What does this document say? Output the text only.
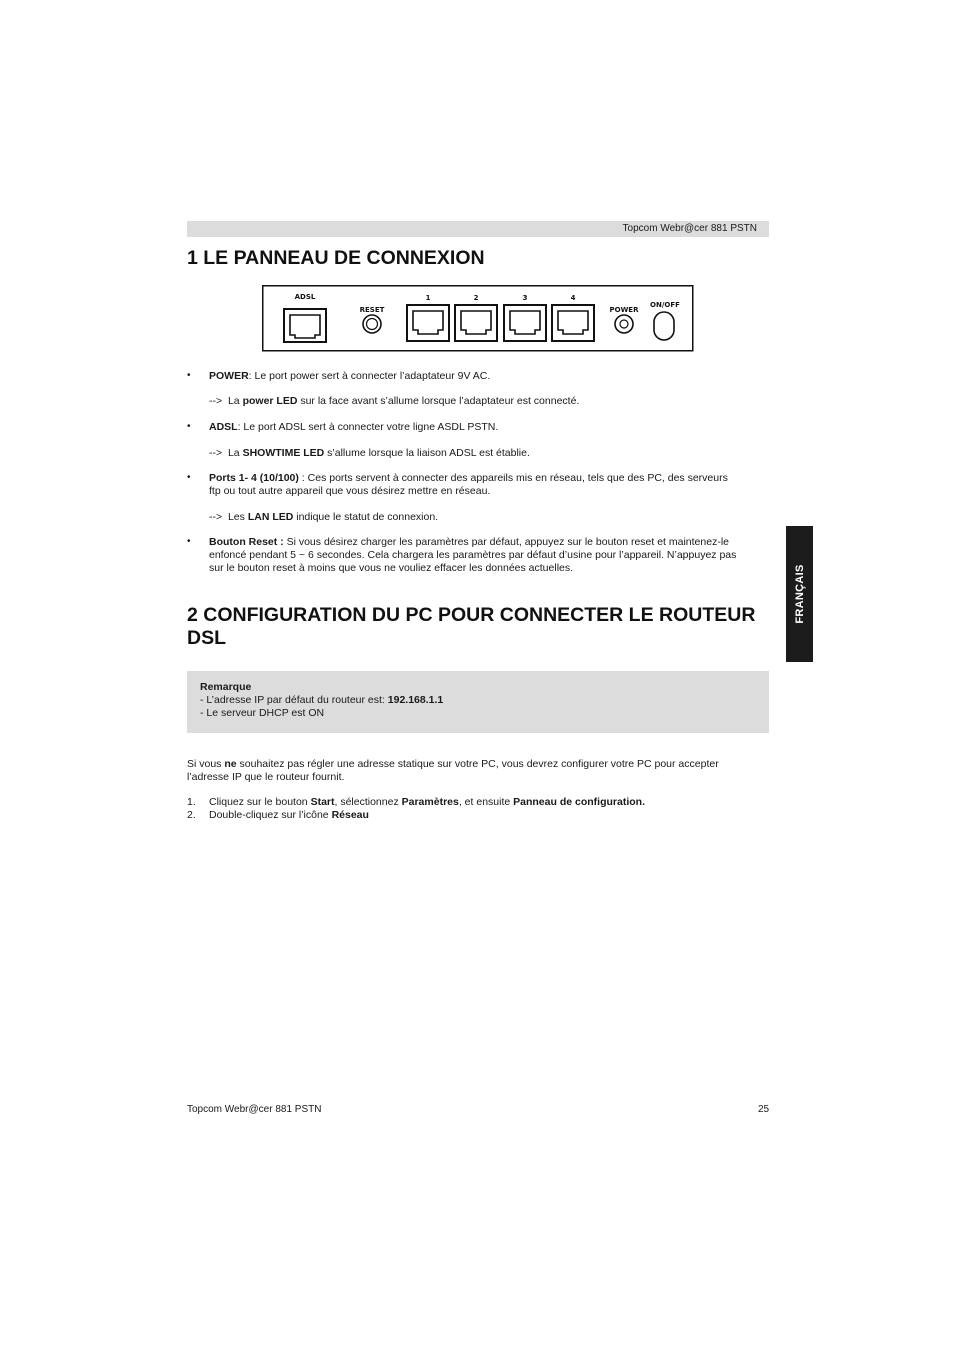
Topcom Webr@cer 881 PSTN
1 LE PANNEAU DE CONNEXION
ADSL
RESET
1	2	3	4
POWER
ON/OFF
• POWER: Le port power sert à connecter l’adaptateur 9V AC.
--> La power LED sur la face avant s’allume lorsque l’adaptateur est connecté.
• ADSL: Le port ADSL sert à connecter votre ligne ASDL PSTN.
--> La SHOWTIME LED s’allume lorsque la liaison ADSL est établie.
• Ports 1- 4 (10/100) : Ces ports servent à connecter des appareils mis en réseau, tels que des PC, des serveurs
ftp ou tout autre appareil que vous désirez mettre en réseau.
--> Les LAN LED indique le statut de connexion.
• Bouton Reset : Si vous désirez charger les paramètres par défaut, appuyez sur le bouton reset et maintenez-le
enfoncé pendant 5 ~ 6 secondes. Cela chargera les paramètres par défaut d’usine pour l’appareil. N’appuyez pas
sur le bouton reset à moins que vous ne vouliez effacer les données actuelles.
2 CONFIGURATION DU PC POUR CONNECTER LE ROUTEUR DSL
Remarque
- L’adresse IP par défaut du routeur est: 192.168.1.1
- Le serveur DHCP est ON
Si vous ne souhaitez pas régler une adresse statique sur votre PC, vous devrez configurer votre PC pour accepter
l’adresse IP que le routeur fournit.
1. Cliquez sur le bouton Start, sélectionnez Paramètres, et ensuite Panneau de configuration.
2. Double-cliquez sur l’icône Réseau
FRANÇAIS
Topcom Webr@cer 881 PSTN	25
